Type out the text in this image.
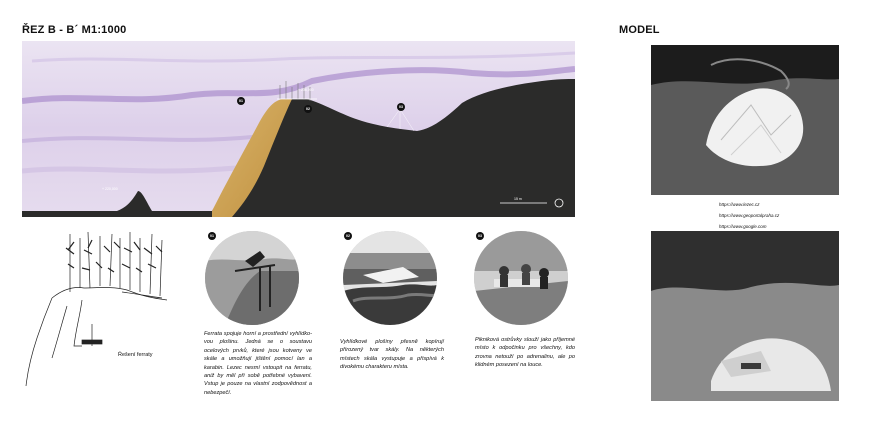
ŘEZ B - B´ M1:1000
01
02	03
+ 220,000
+ 236,000
15 m
Řešení ferraty
01
Ferrata spojuje horní a prostřední vyhlídko-vou plošinu. Jedná se o soustavu ocelových prvků, které jsou kotveny ve skále a umožňují jištění pomocí lan a karabin. Lezec nesmí vstoupit na ferratu, aniž by měl při sobě potřebné vybavení. Vstup je pouze na vlastní zodpovědnost a nebezpečí.
02
Vyhlídkové plošiny přesně kopírují přirozený tvar skály. Na některých místech skála vystupuje a přispívá k divokému charakteru místa.
03
Pikniková ostrůvky slouží jako příjemné místo k odpočinku pro všechny, kdo zrovna netouží po adrenalinu, ale po klidném posezení na louce.
MODEL
https://www.lezec.cz
https://www.geoportalpraha.cz
https://www.google.com
